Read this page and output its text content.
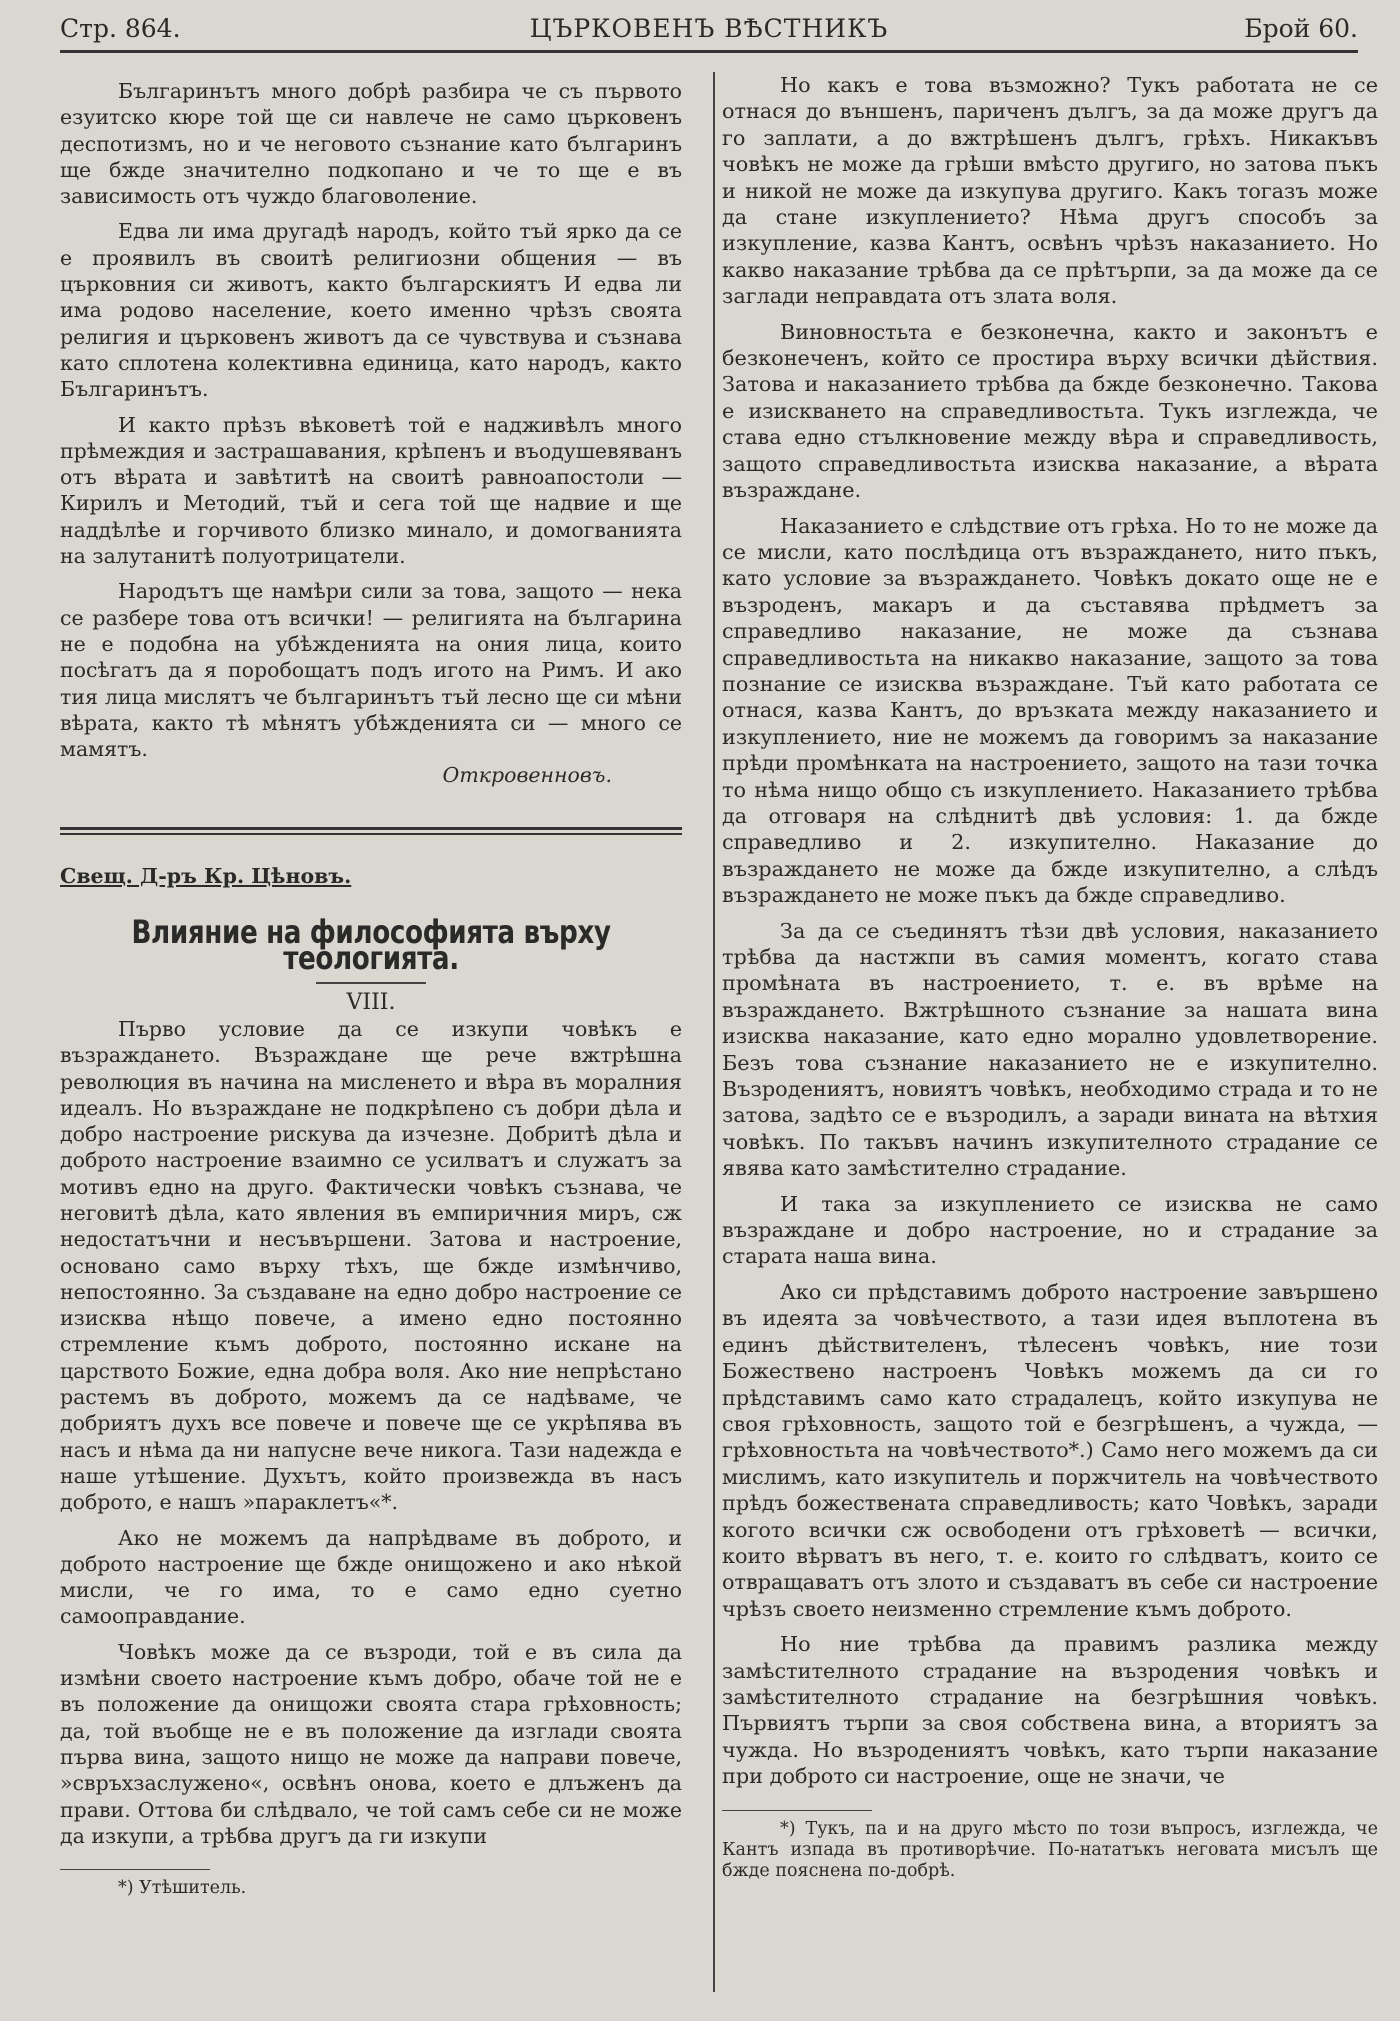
Стр. 864.	ЦЪРКОВЕНЪ ВѢСТНИКЪ	Брой 60.

Българинътъ много добрѣ разбира че съ първото езуитско кюре той ще си навлече не само църковенъ деспотизмъ, но и че неговото съзнание като българинъ ще бжде значително подкопано и че то ще е въ зависимость отъ чуждо благоволение.

Едва ли има другадѣ народъ, който тъй ярко да се е проявилъ въ своитѣ религиозни общения — въ църковния си животъ, както българскиятъ И едва ли има родово население, което именно чрѣзъ своята религия и църковенъ животъ да се чувствува и съзнава като сплотена колективна единица, като народъ, както Българинътъ.

И както прѣзъ вѣковетѣ той е надживѣлъ много прѣмеждия и застрашавания, крѣпенъ и въодушевяванъ отъ вѣрата и завѣтитѣ на своитѣ равноапостоли — Кирилъ и Методий, тъй и сега той ще надвие и ще наддѣлѣе и горчивото близко минало, и домогванията на залутанитѣ полуотрицатели.

Народътъ ще намѣри сили за това, защото — нека се разбере това отъ всички! — религията на българина не е подобна на убѣжденията на ония лица, които посѣгатъ да я поробощатъ подъ игото на Римъ. И ако тия лица мислятъ че българинътъ тъй лесно ще си мѣни вѣрата, както тѣ мѣнятъ убѣжденията си — много се мамятъ.

Откровенновъ.

Свещ. Д-ръ Кр. Цѣновъ.

Влияние на философията върху теологията.

VIII.

Първо условие да се изкупи човѣкъ е възраждането. Възраждане ще рече вжтрѣшна революция въ начина на мисленето и вѣра въ моралния идеалъ. Но възраждане не подкрѣпено съ добри дѣла и добро настроение рискува да изчезне. Добритѣ дѣла и доброто настроение взаимно се усилватъ и служатъ за мотивъ едно на друго. Фактически човѣкъ съзнава, че неговитѣ дѣла, като явления въ емпиричния миръ, сж недостатъчни и несъвършени. Затова и настроение, основано само върху тѣхъ, ще бжде измѣнчиво, непостоянно. За създаване на едно добро настроение се изисква нѣщо повече, а имено едно постоянно стремление къмъ доброто, постоянно искане на царството Божие, една добра воля. Ако ние непрѣстано растемъ въ доброто, можемъ да се надѣваме, че добриятъ духъ все повече и повече ще се укрѣпява въ насъ и нѣма да ни напусне вече никога. Тази надежда е наше утѣшение. Духътъ, който произвежда въ насъ доброто, е нашъ »параклетъ«*.

Ако не можемъ да напрѣдваме въ доброто, и доброто настроение ще бжде онищожено и ако нѣкой мисли, че го има, то е само едно суетно самооправдание.

Човѣкъ може да се възроди, той е въ сила да измѣни своето настроение къмъ добро, обаче той не е въ положение да онищожи своята стара грѣховность; да, той въобще не е въ положение да изглади своята първа вина, защото нищо не може да направи повече, »свръхзаслужено«, освѣнъ онова, което е длъженъ да прави. Оттова би слѣдвало, че той самъ себе си не може да изкупи, а трѣбва другъ да ги изкупи

*) Утѣшитель.

Но какъ е това възможно? Тукъ работата не се отнася до външенъ, париченъ дългъ, за да може другъ да го заплати, а до вжтрѣшенъ дългъ, грѣхъ. Никакъвъ човѣкъ не може да грѣши вмѣсто другиго, но затова пъкъ и никой не може да изкупува другиго. Какъ тогазъ може да стане изкуплението? Нѣма другъ способъ за изкупление, казва Кантъ, освѣнъ чрѣзъ наказанието. Но какво наказание трѣбва да се прѣтърпи, за да може да се заглади неправдата отъ злата воля.

Виновностьта е безконечна, както и законътъ е безконеченъ, който се простира върху всички дѣйствия. Затова и наказанието трѣбва да бжде безконечно. Такова е изискването на справедливостьта. Тукъ изглежда, че става едно стълкновение между вѣра и справедливость, защото справедливостьта изисква наказание, а вѣрата възраждане.

Наказанието е слѣдствие отъ грѣха. Но то не може да се мисли, като послѣдица отъ възраждането, нито пъкъ, като условие за възраждането. Човѣкъ докато още не е възроденъ, макаръ и да съставява прѣдметъ за справедливо наказание, не може да съзнава справедливостьта на никакво наказание, защото за това познание се изисква възраждане. Тъй като работата се отнася, казва Кантъ, до връзката между наказанието и изкуплението, ние не можемъ да говоримъ за наказание прѣди промѣнката на настроението, защото на тази точка то нѣма нищо общо съ изкуплението. Наказанието трѣбва да отговаря на слѣднитѣ двѣ условия: 1. да бжде справедливо и 2. изкупително. Наказание до възраждането не може да бжде изкупително, а слѣдъ възраждането не може пъкъ да бжде справедливо.

За да се съединятъ тѣзи двѣ условия, наказанието трѣбва да настжпи въ самия моментъ, когато става промѣната въ настроението, т. е. въ врѣме на възраждането. Вжтрѣшното съзнание за нашата вина изисква наказание, като едно морално удовлетворение. Безъ това съзнание наказанието не е изкупително. Възродениятъ, новиятъ човѣкъ, необходимо страда и то не затова, задѣто се е възродилъ, а заради вината на вѣтхия човѣкъ. По такъвъ начинъ изкупителното страдание се явява като замѣстително страдание.

И така за изкуплението се изисква не само възраждане и добро настроение, но и страдание за старата наша вина.

Ако си прѣдставимъ доброто настроение завършено въ идеята за човѣчеството, а тази идея въплотена въ единъ дѣйствителенъ, тѣлесенъ човѣкъ, ние този Божествено настроенъ Човѣкъ можемъ да си го прѣдставимъ само като страдалецъ, който изкупува не своя грѣховность, защото той е безгрѣшенъ, а чужда, — грѣховностьта на човѣчеството*.) Само него можемъ да си мислимъ, като изкупитель и поржчитель на човѣчеството прѣдъ божествената справедливость; като Човѣкъ, заради когото всички сж освободени отъ грѣховетѣ — всички, които вѣрватъ въ него, т. е. които го слѣдватъ, които се отвращаватъ отъ злото и създаватъ въ себе си настроение чрѣзъ своето неизменно стремление къмъ доброто.

Но ние трѣбва да правимъ разлика между замѣстителното страдание на възродения човѣкъ и замѣстителното страдание на безгрѣшния човѣкъ. Първиятъ търпи за своя собствена вина, а вториятъ за чужда. Но възродениятъ човѣкъ, като търпи наказание при доброто си настроение, още не значи, че

*) Тукъ, па и на друго мѣсто по този въпросъ, изглежда, че Кантъ изпада въ противорѣчие. По-нататъкъ неговата мисълъ ще бжде пояснена по-добрѣ.
